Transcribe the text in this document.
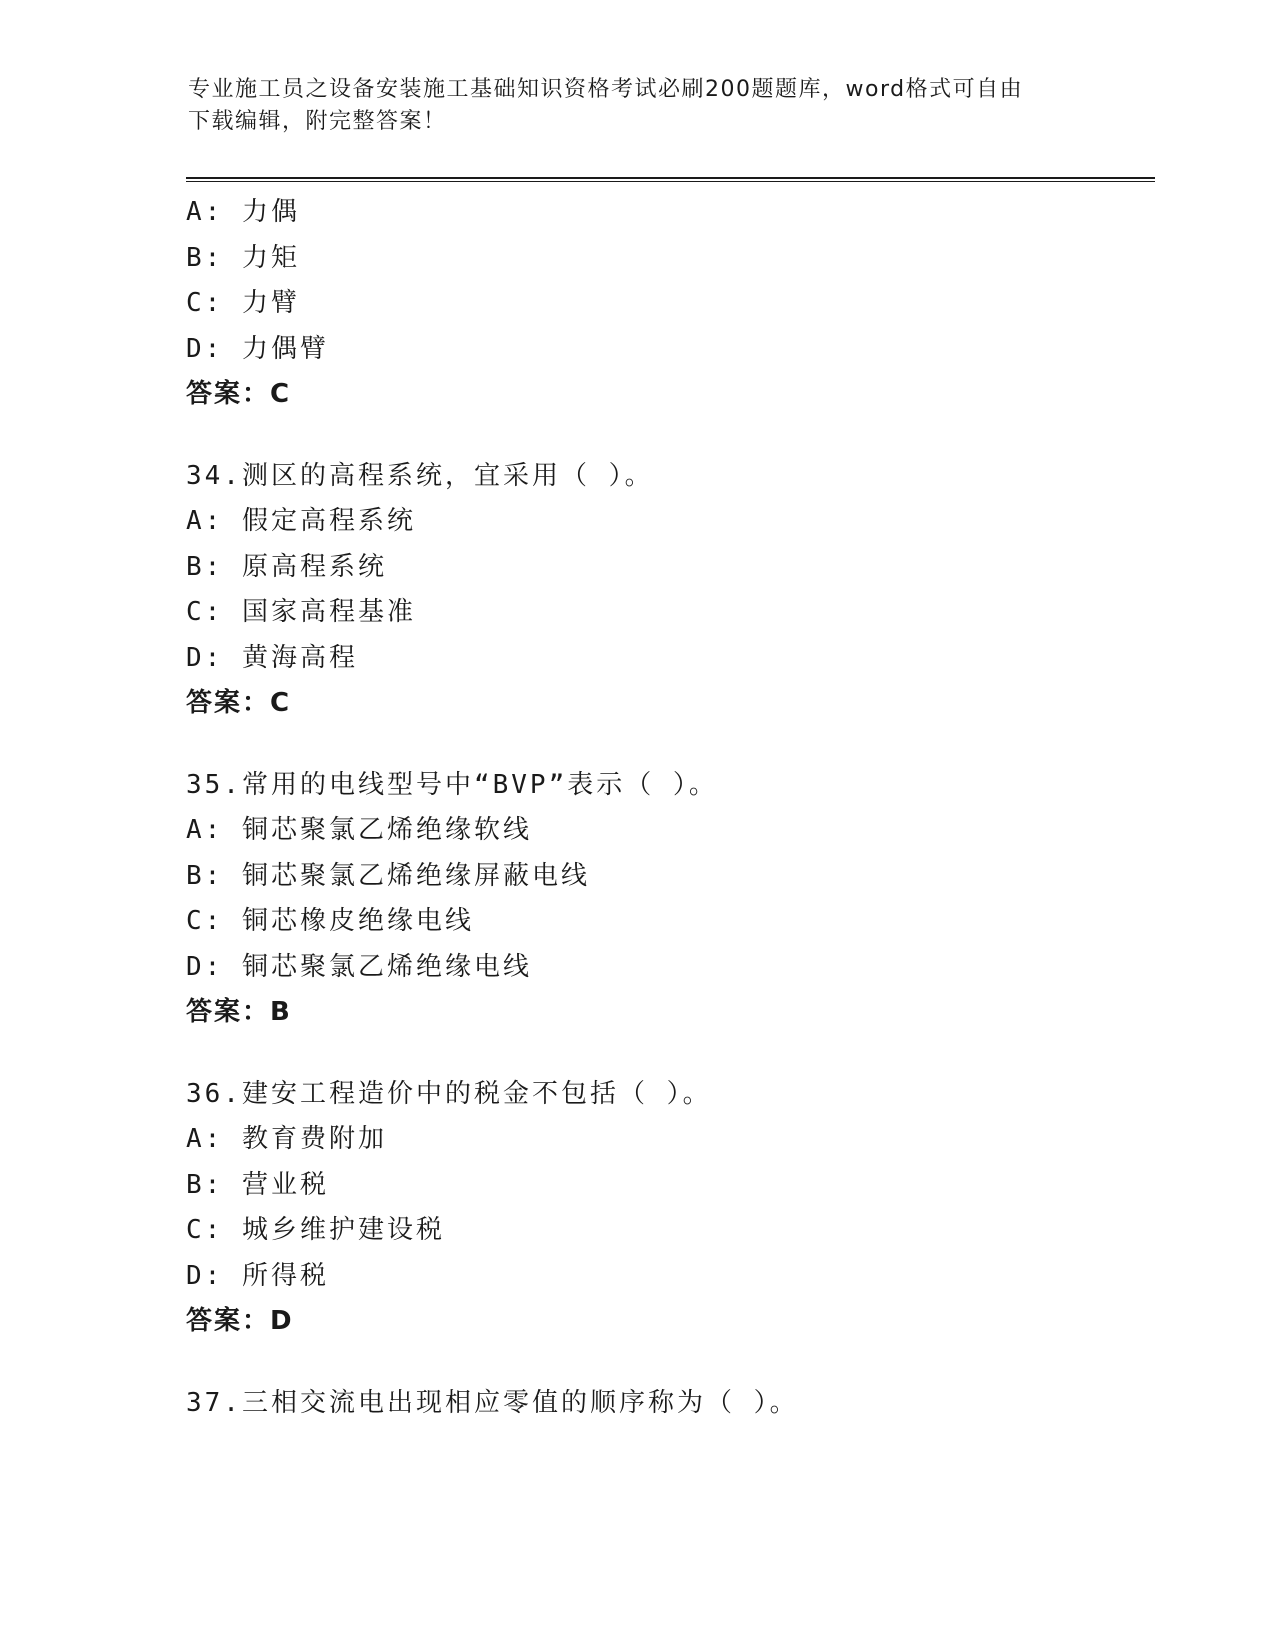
专业施工员之设备安装施工基础知识资格考试必刷200题题库，word格式可自由
下载编辑，附完整答案！
A: 力偶
B: 力矩
C: 力臂
D: 力偶臂
答案：C
34.测区的高程系统，宜采用（ ）。
A: 假定高程系统
B: 原高程系统
C: 国家高程基准
D: 黄海高程
答案：C
35.常用的电线型号中“BVP”表示（ ）。
A: 铜芯聚氯乙烯绝缘软线
B: 铜芯聚氯乙烯绝缘屏蔽电线
C: 铜芯橡皮绝缘电线
D: 铜芯聚氯乙烯绝缘电线
答案：B
36.建安工程造价中的税金不包括（ ）。
A: 教育费附加
B: 营业税
C: 城乡维护建设税
D: 所得税
答案：D
37.三相交流电出现相应零值的顺序称为（ ）。
